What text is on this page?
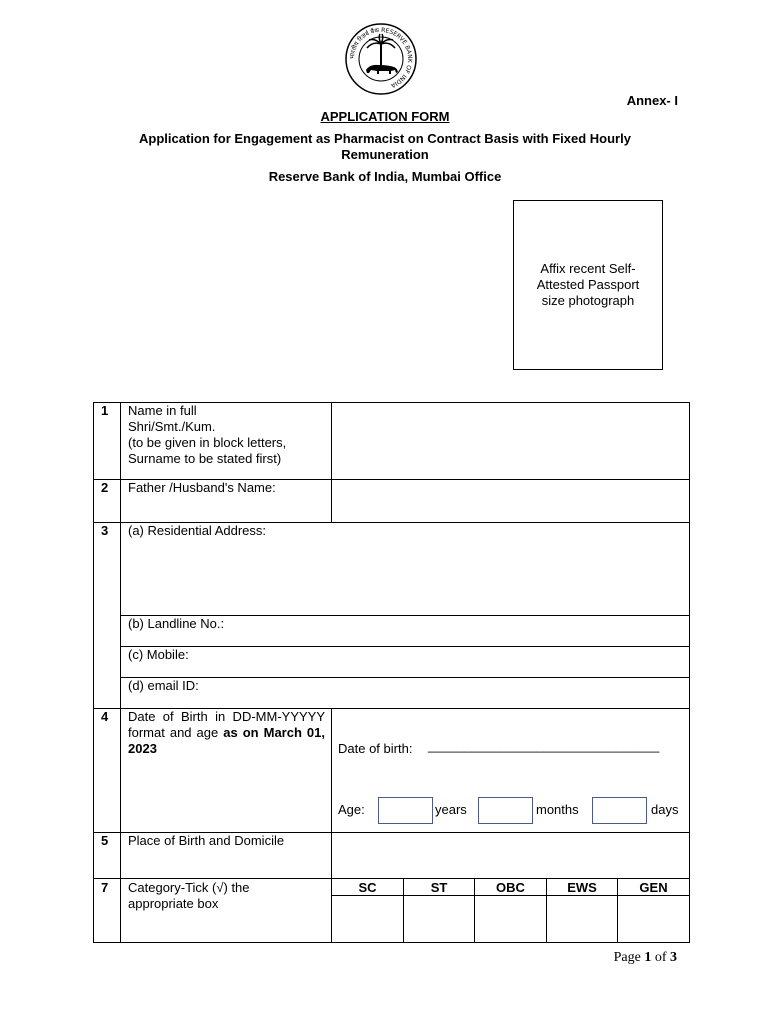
भारतीय रिज़र्व बैंक RESERVE BANK OF INDIA
Annex- I
APPLICATION FORM
Application for Engagement as Pharmacist on Contract Basis with Fixed Hourly Remuneration
Reserve Bank of India, Mumbai Office
Affix recent Self-Attested Passport size photograph
1 Name in full
Shri/Smt./Kum.
(to be given in block letters, Surname to be stated first)
2 Father /Husband's Name:
3 (a) Residential Address:
(b) Landline No.:
(c) Mobile:
(d) email ID:
4 Date of Birth in DD-MM-YYYYY format and age as on March 01, 2023	Date of birth: ________________________________
Age:	years	months	days
5 Place of Birth and Domicile
7 Category-Tick (√) the appropriate box
SC	ST	OBC	EWS	GEN
Page 1 of 3
